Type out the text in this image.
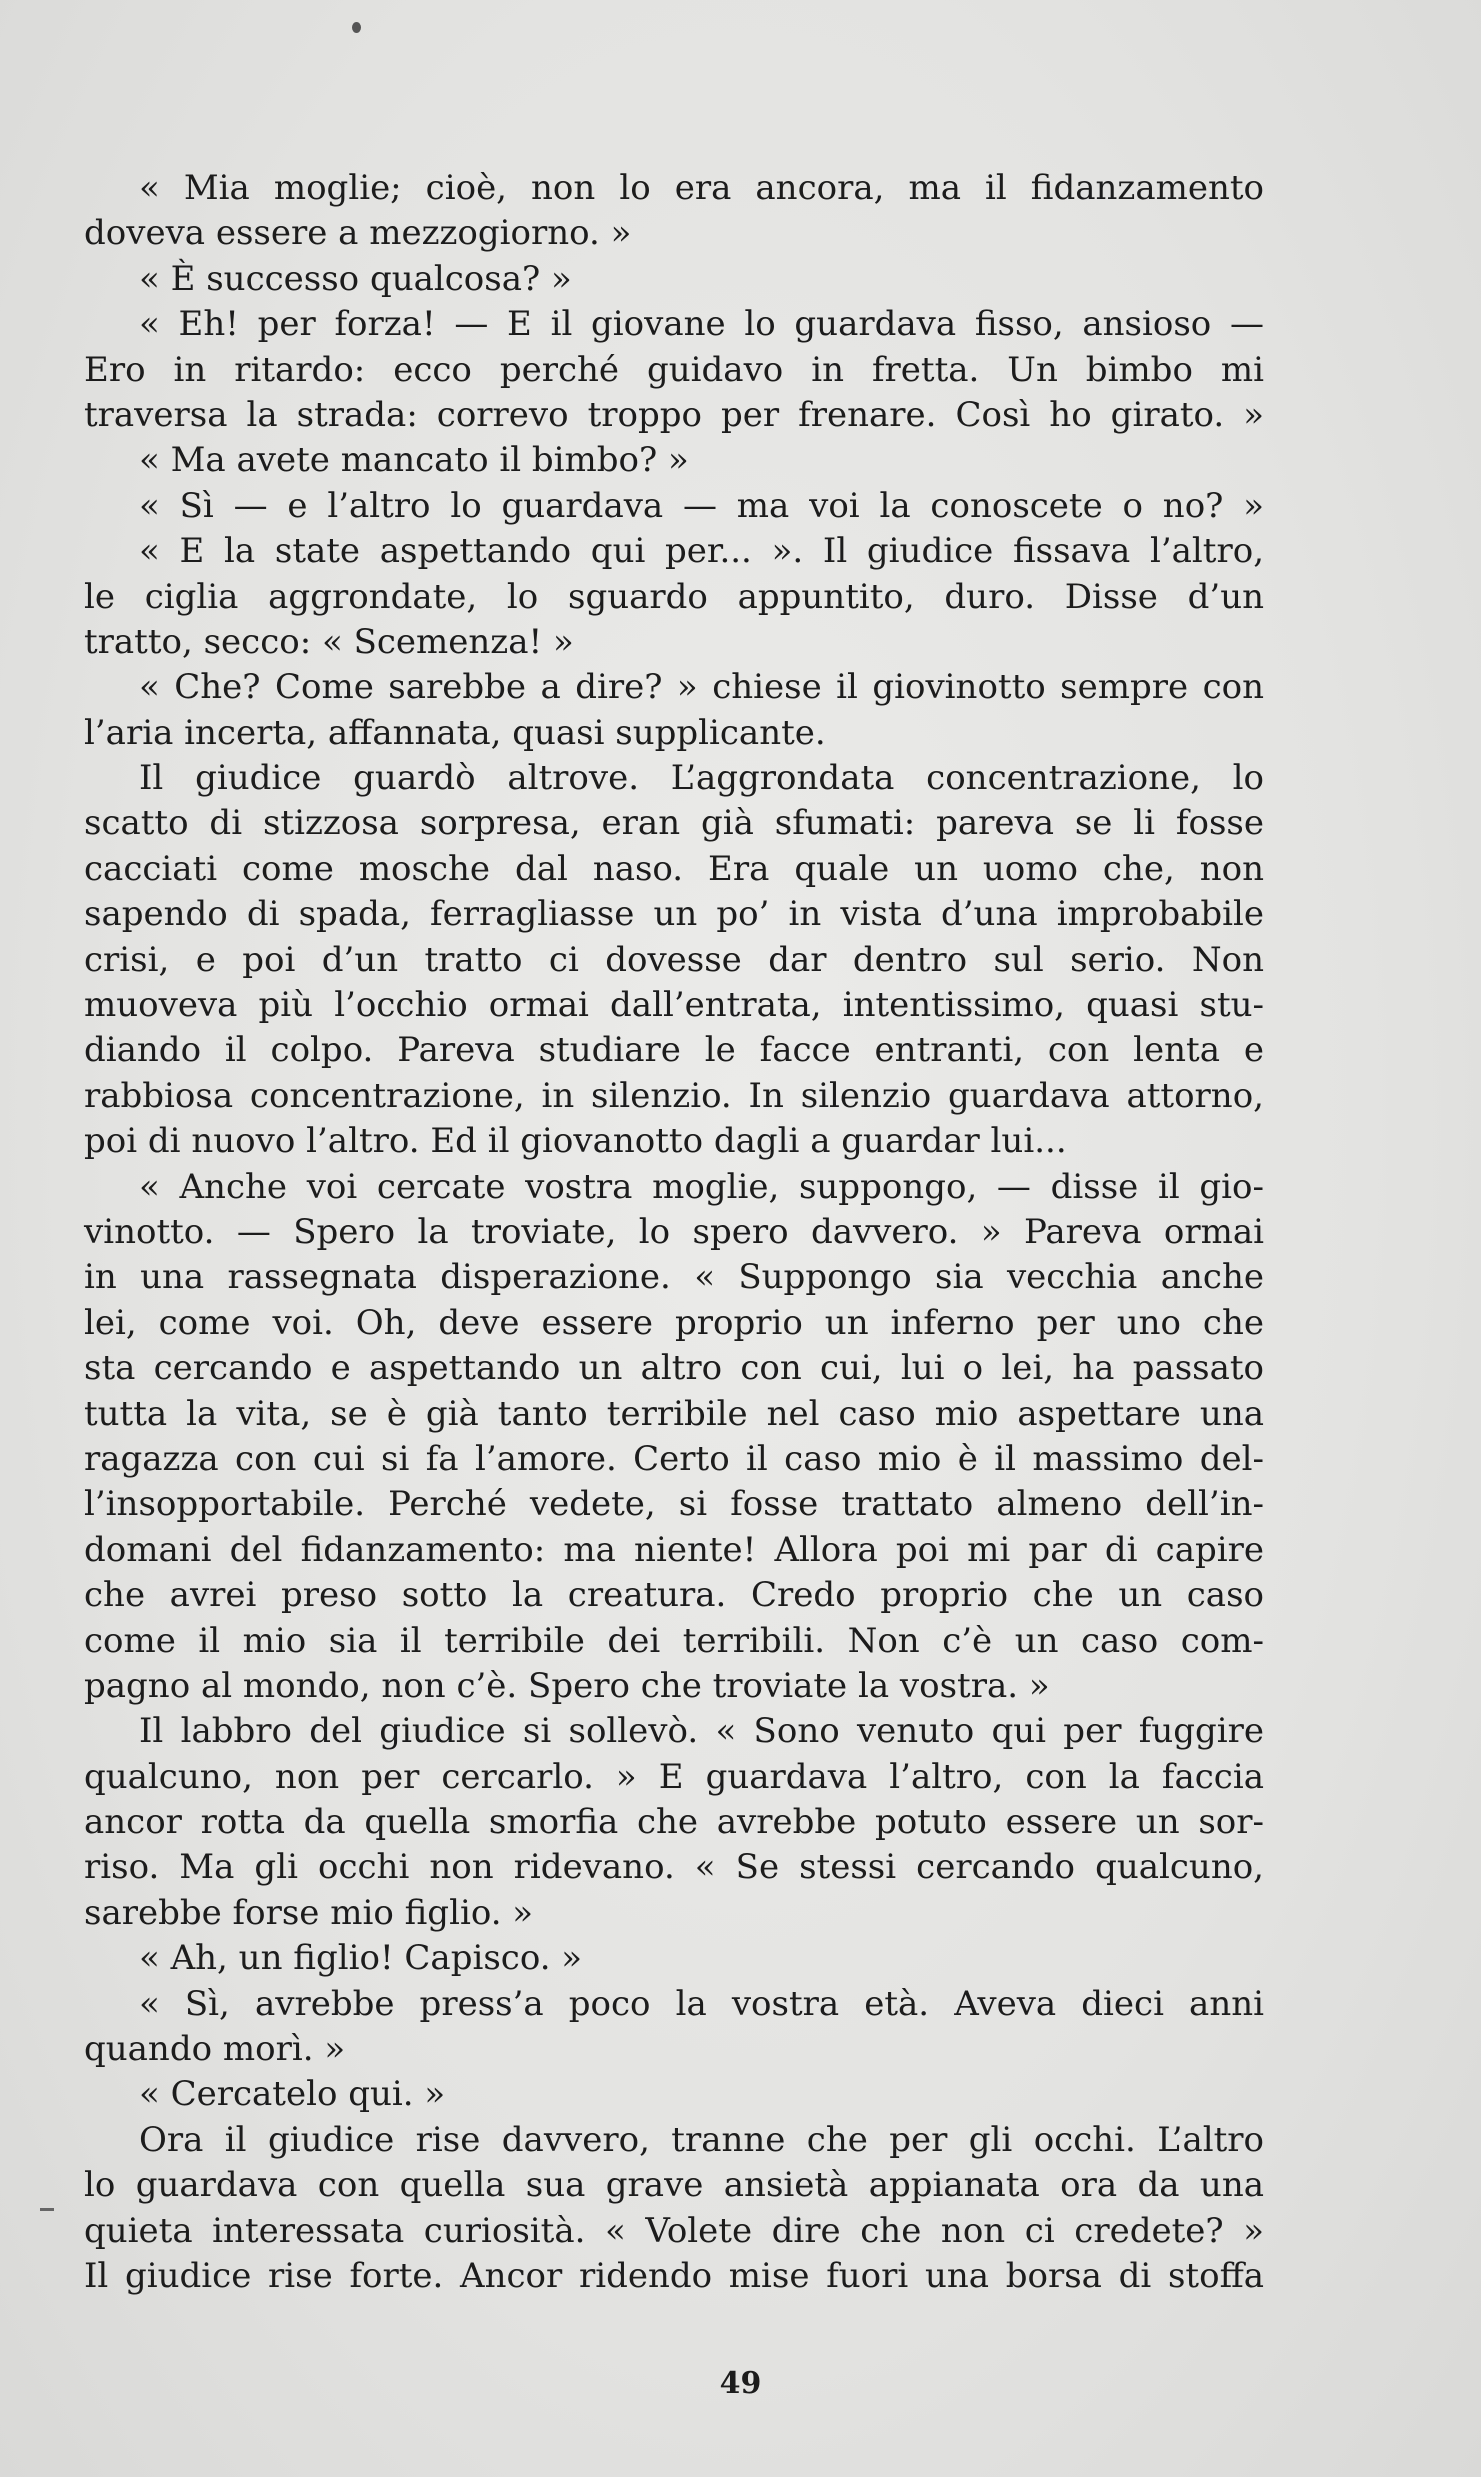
« Mia moglie; cioè, non lo era ancora, ma il fidanzamento
doveva essere a mezzogiorno. »
« È successo qualcosa? »
« Eh! per forza! — E il giovane lo guardava fisso, ansioso —
Ero in ritardo: ecco perché guidavo in fretta. Un bimbo mi
traversa la strada: correvo troppo per frenare. Così ho girato. »
« Ma avete mancato il bimbo? »
« Sì — e l’altro lo guardava — ma voi la conoscete o no? »
« E la state aspettando qui per... ». Il giudice fissava l’altro,
le ciglia aggrondate, lo sguardo appuntito, duro. Disse d’un
tratto, secco: « Scemenza! »
« Che? Come sarebbe a dire? » chiese il giovinotto sempre con
l’aria incerta, affannata, quasi supplicante.
Il giudice guardò altrove. L’aggrondata concentrazione, lo
scatto di stizzosa sorpresa, eran già sfumati: pareva se li fosse
cacciati come mosche dal naso. Era quale un uomo che, non
sapendo di spada, ferragliasse un po’ in vista d’una improbabile
crisi, e poi d’un tratto ci dovesse dar dentro sul serio. Non
muoveva più l’occhio ormai dall’entrata, intentissimo, quasi stu-
diando il colpo. Pareva studiare le facce entranti, con lenta e
rabbiosa concentrazione, in silenzio. In silenzio guardava attorno,
poi di nuovo l’altro. Ed il giovanotto dagli a guardar lui...
« Anche voi cercate vostra moglie, suppongo, — disse il gio-
vinotto. — Spero la troviate, lo spero davvero. » Pareva ormai
in una rassegnata disperazione. « Suppongo sia vecchia anche
lei, come voi. Oh, deve essere proprio un inferno per uno che
sta cercando e aspettando un altro con cui, lui o lei, ha passato
tutta la vita, se è già tanto terribile nel caso mio aspettare una
ragazza con cui si fa l’amore. Certo il caso mio è il massimo del-
l’insopportabile. Perché vedete, si fosse trattato almeno dell’in-
domani del fidanzamento: ma niente! Allora poi mi par di capire
che avrei preso sotto la creatura. Credo proprio che un caso
come il mio sia il terribile dei terribili. Non c’è un caso com-
pagno al mondo, non c’è. Spero che troviate la vostra. »
Il labbro del giudice si sollevò. « Sono venuto qui per fuggire
qualcuno, non per cercarlo. » E guardava l’altro, con la faccia
ancor rotta da quella smorfia che avrebbe potuto essere un sor-
riso. Ma gli occhi non ridevano. « Se stessi cercando qualcuno,
sarebbe forse mio figlio. »
« Ah, un figlio! Capisco. »
« Sì, avrebbe press’a poco la vostra età. Aveva dieci anni
quando morì. »
« Cercatelo qui. »
Ora il giudice rise davvero, tranne che per gli occhi. L’altro
lo guardava con quella sua grave ansietà appianata ora da una
quieta interessata curiosità. « Volete dire che non ci credete? »
Il giudice rise forte. Ancor ridendo mise fuori una borsa di stoffa
49
